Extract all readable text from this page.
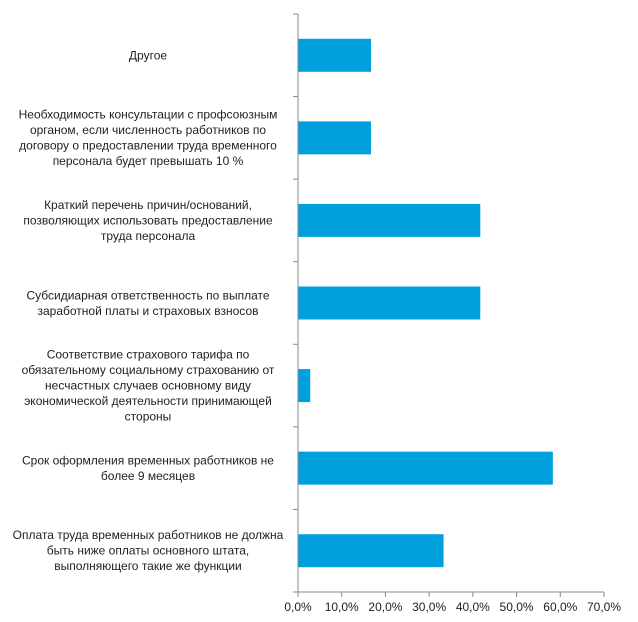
Другое
Необходимость консультации с профсоюзным органом, если численность работников по договору о предоставлении труда временного персонала будет превышать 10 %
Краткий перечень причин/оснований, позволяющих использовать предоставление труда персонала
Субсидиарная ответственность по выплате заработной платы и страховых взносов
Соответствие страхового тарифа по обязательному социальному страхованию от несчастных случаев основному виду экономической деятельности принимающей стороны
Срок оформления временных работников не более 9 месяцев
Оплата труда временных работников не должна быть ниже оплаты основного штата, выполняющего такие же функции
0,0% 10,0% 20,0% 30,0% 40,0% 50,0% 60,0% 70,0%
